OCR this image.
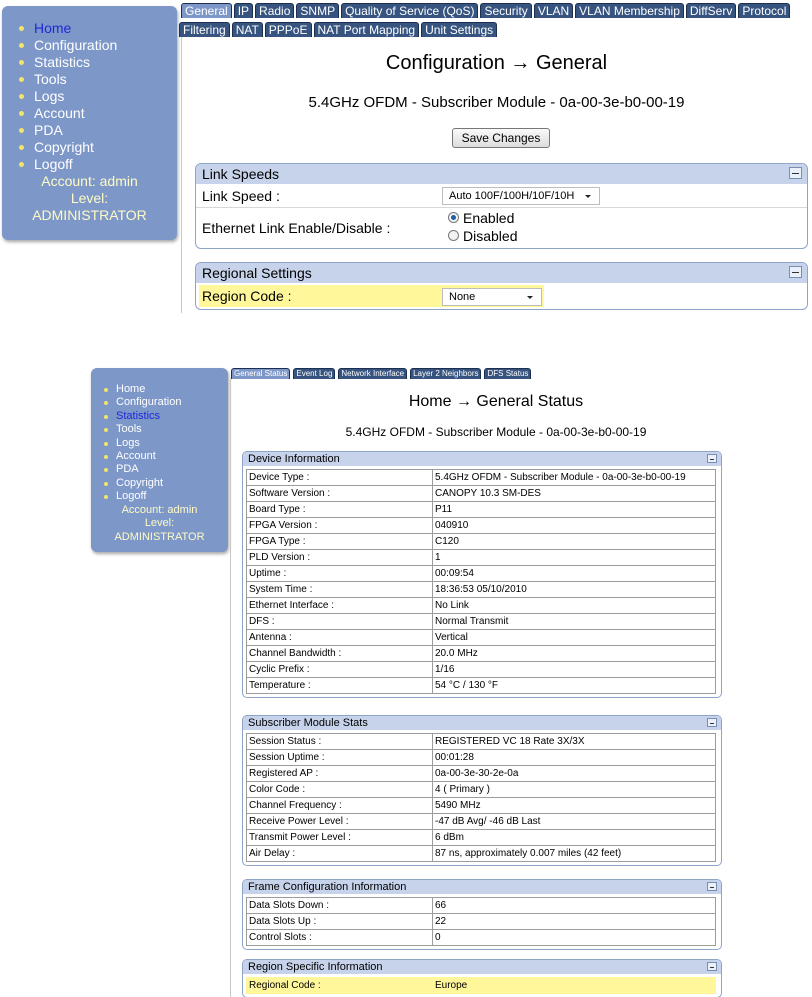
Home
Configuration
Statistics
Tools
Logs
Account
PDA
Copyright
Logoff
Account: admin
Level:
ADMINISTRATOR
General IP Radio SNMP Quality of Service (QoS) Security VLAN VLAN Membership DiffServ Protocol
Filtering NAT PPPoE NAT Port Mapping Unit Settings
Configuration → General
5.4GHz OFDM - Subscriber Module - 0a-00-3e-b0-00-19
Save Changes
Link Speeds
Link Speed :	Auto 100F/100H/10F/10H
Ethernet Link Enable/Disable :
Enabled
Disabled
Regional Settings
Region Code :	None
Home
Configuration
Statistics
Tools
Logs
Account
PDA
Copyright
Logoff
Account: admin
Level:
ADMINISTRATOR
General Status	Event Log	Network Interface	Layer 2 Neighbors	DFS Status
Home → General Status
5.4GHz OFDM - Subscriber Module - 0a-00-3e-b0-00-19
Device Information
Device Type :	5.4GHz OFDM - Subscriber Module - 0a-00-3e-b0-00-19
Software Version :	CANOPY 10.3 SM-DES
Board Type :	P11
FPGA Version :	040910
FPGA Type :	C120
PLD Version :	1
Uptime :	00:09:54
System Time :	18:36:53 05/10/2010
Ethernet Interface :	No Link
DFS :	Normal Transmit
Antenna :	Vertical
Channel Bandwidth :	20.0 MHz
Cyclic Prefix :	1/16
Temperature :	54 °C / 130 °F
Subscriber Module Stats
Session Status :	REGISTERED VC 18 Rate 3X/3X
Session Uptime :	00:01:28
Registered AP :	0a-00-3e-30-2e-0a
Color Code :	4 ( Primary )
Channel Frequency :	5490 MHz
Receive Power Level :	-47 dB Avg/ -46 dB Last
Transmit Power Level :	6 dBm
Air Delay :	87 ns, approximately 0.007 miles (42 feet)
Frame Configuration Information
Data Slots Down :	66
Data Slots Up :	22
Control Slots :	0
Region Specific Information
Regional Code :	Europe
